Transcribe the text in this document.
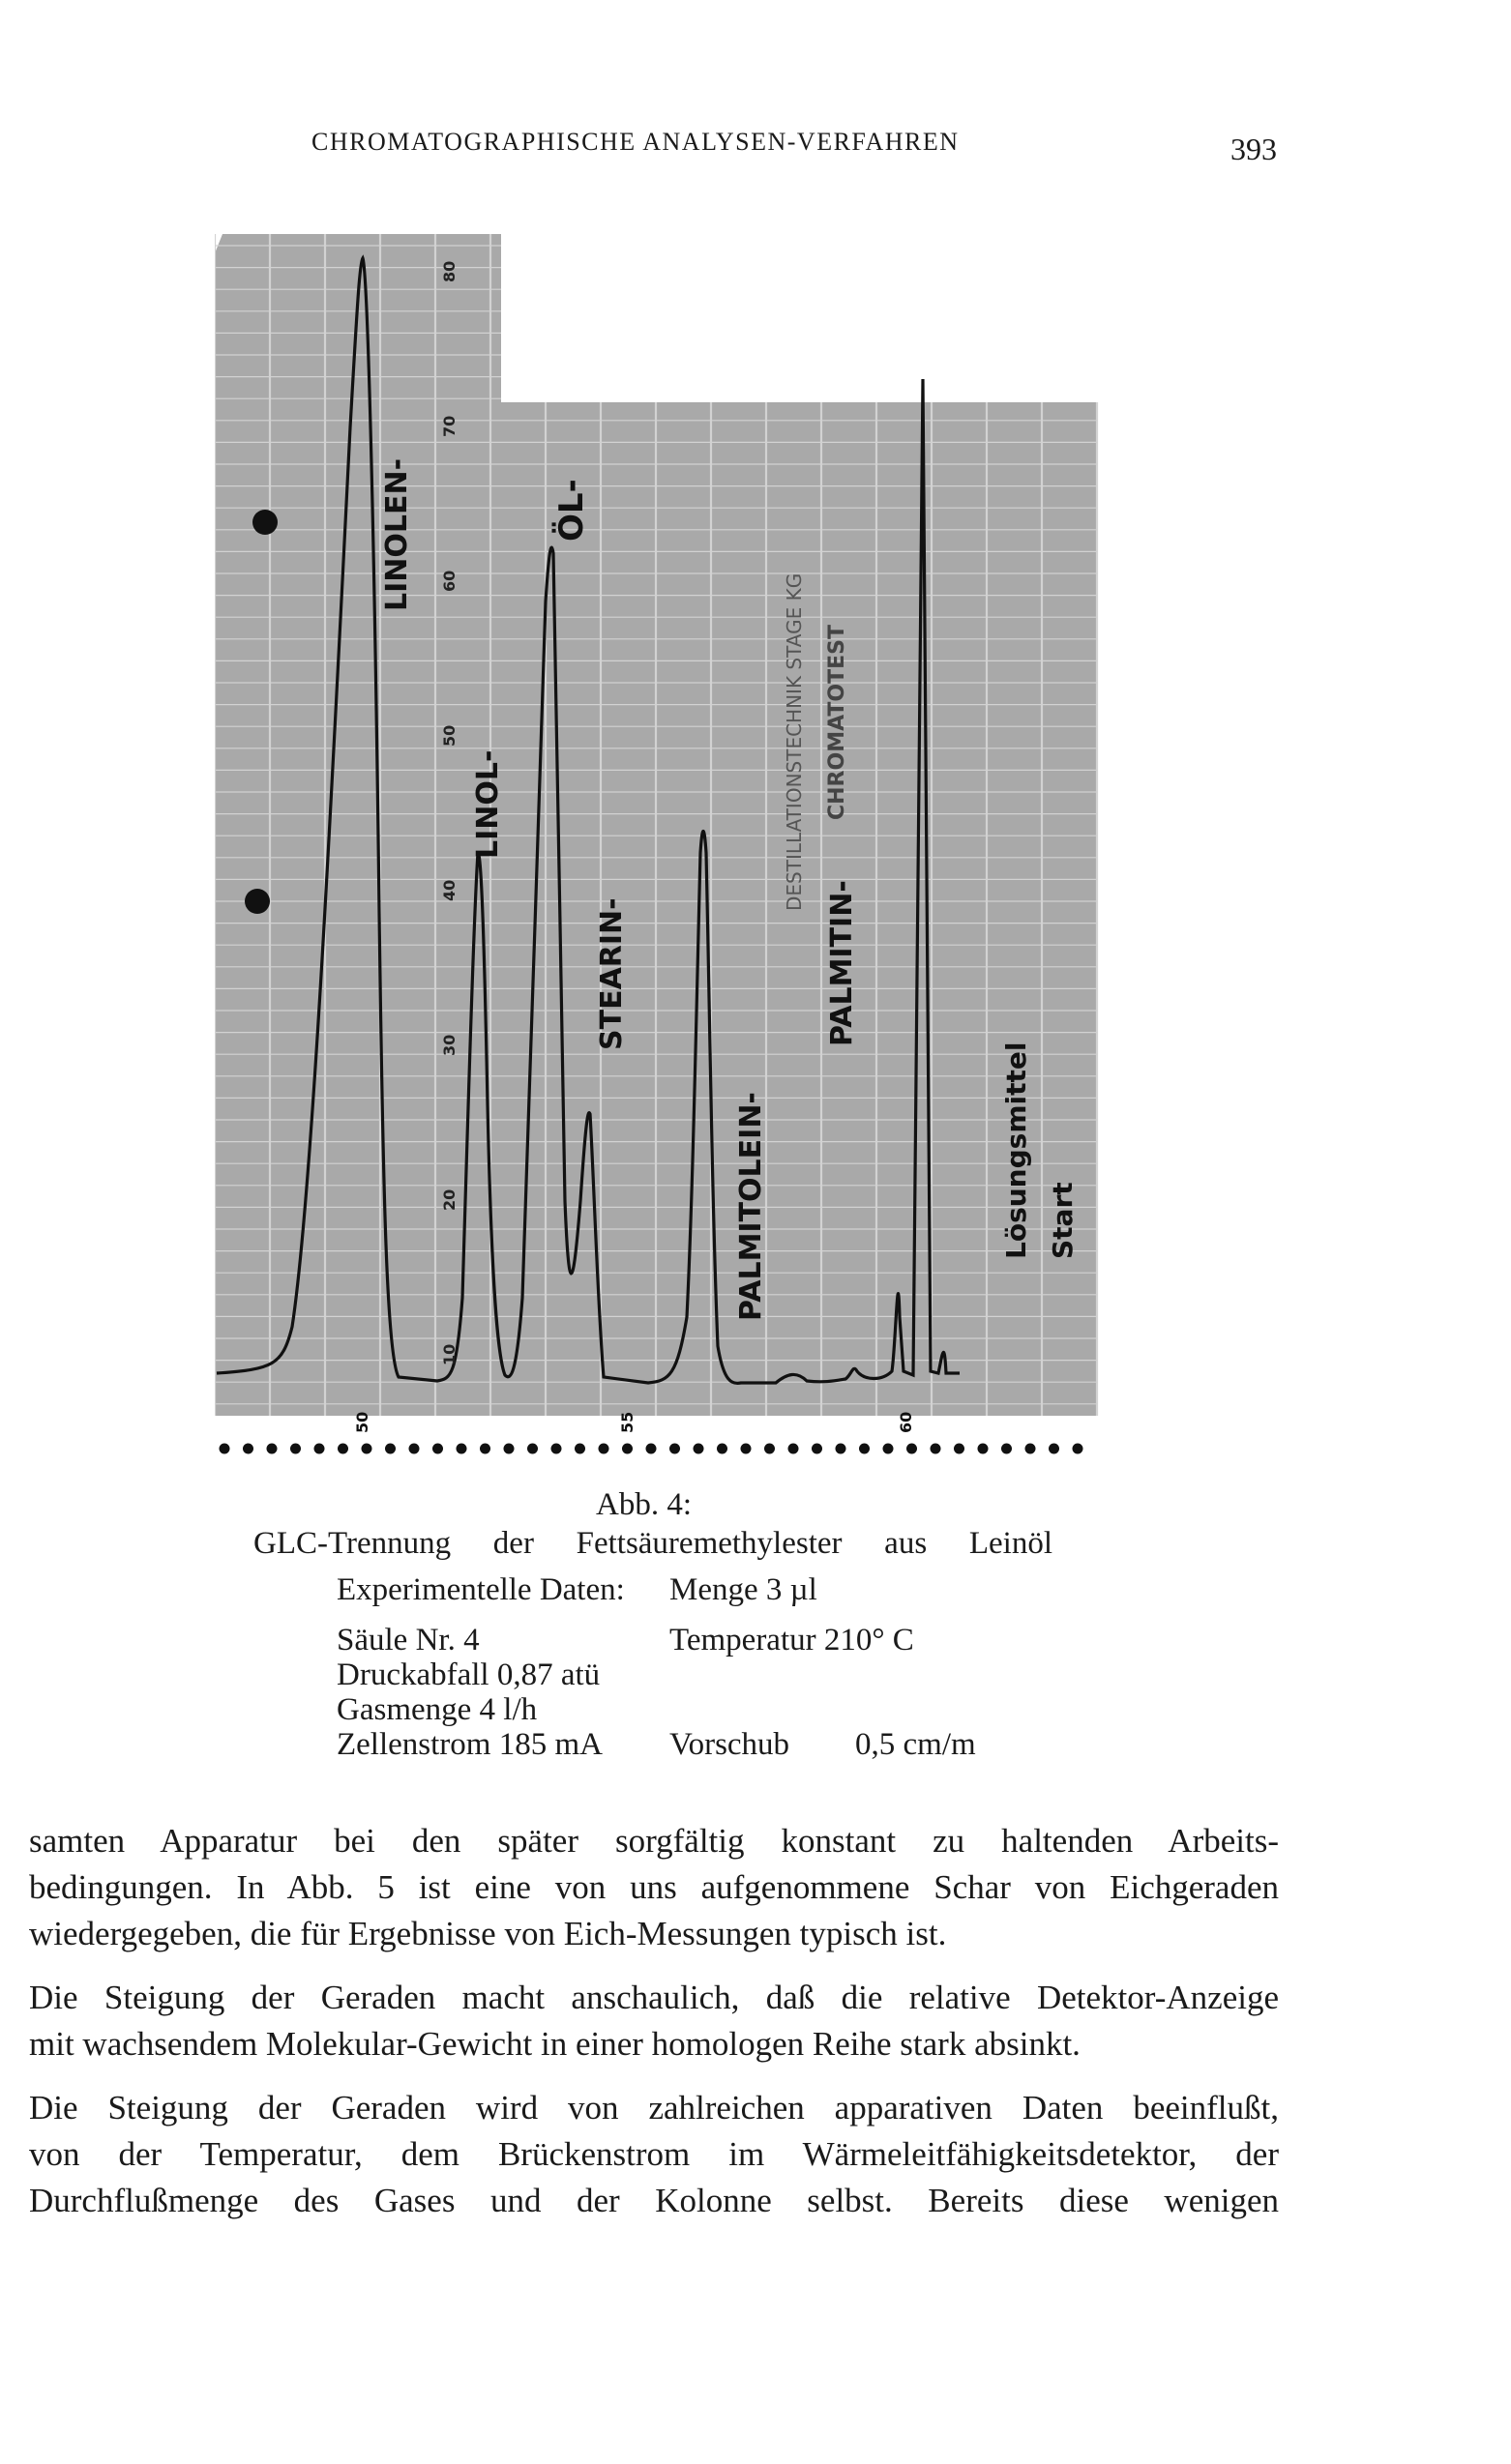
CHROMATOGRAPHISCHE ANALYSEN-VERFAHREN	393
LINOLEN-	ÖL-
LINOL-
STEARIN-
PALMITOLEIN-
PALMITIN-
Lösungsmittel Start
DESTILLATIONSTECHNIK STAGE KG CHROMATOTEST
80
70
60
50
40
30
20
10
50	55	60
Abb. 4:
GLC-Trennung der Fettsäuremethylester aus Leinöl
Experimentelle Daten: Menge 3 µl
Säule Nr. 4	Temperatur 210° C
Druckabfall 0,87 atü
Gasmenge 4 l/h
Zellenstrom 185 mA Vorschub 0,5 cm/m

samten Apparatur bei den später sorgfältig konstant zu haltenden Arbeits-

bedingungen. In Abb. 5 ist eine von uns aufgenommene Schar von Eichgeraden

wiedergegeben, die für Ergebnisse von Eich-Messungen typisch ist.

Die Steigung der Geraden macht anschaulich, daß die relative Detektor-Anzeige

mit wachsendem Molekular-Gewicht in einer homologen Reihe stark absinkt.

Die Steigung der Geraden wird von zahlreichen apparativen Daten beeinflußt,

von der Temperatur, dem Brückenstrom im Wärmeleitfähigkeitsdetektor, der

Durchflußmenge des Gases und der Kolonne selbst. Bereits diese wenigen
